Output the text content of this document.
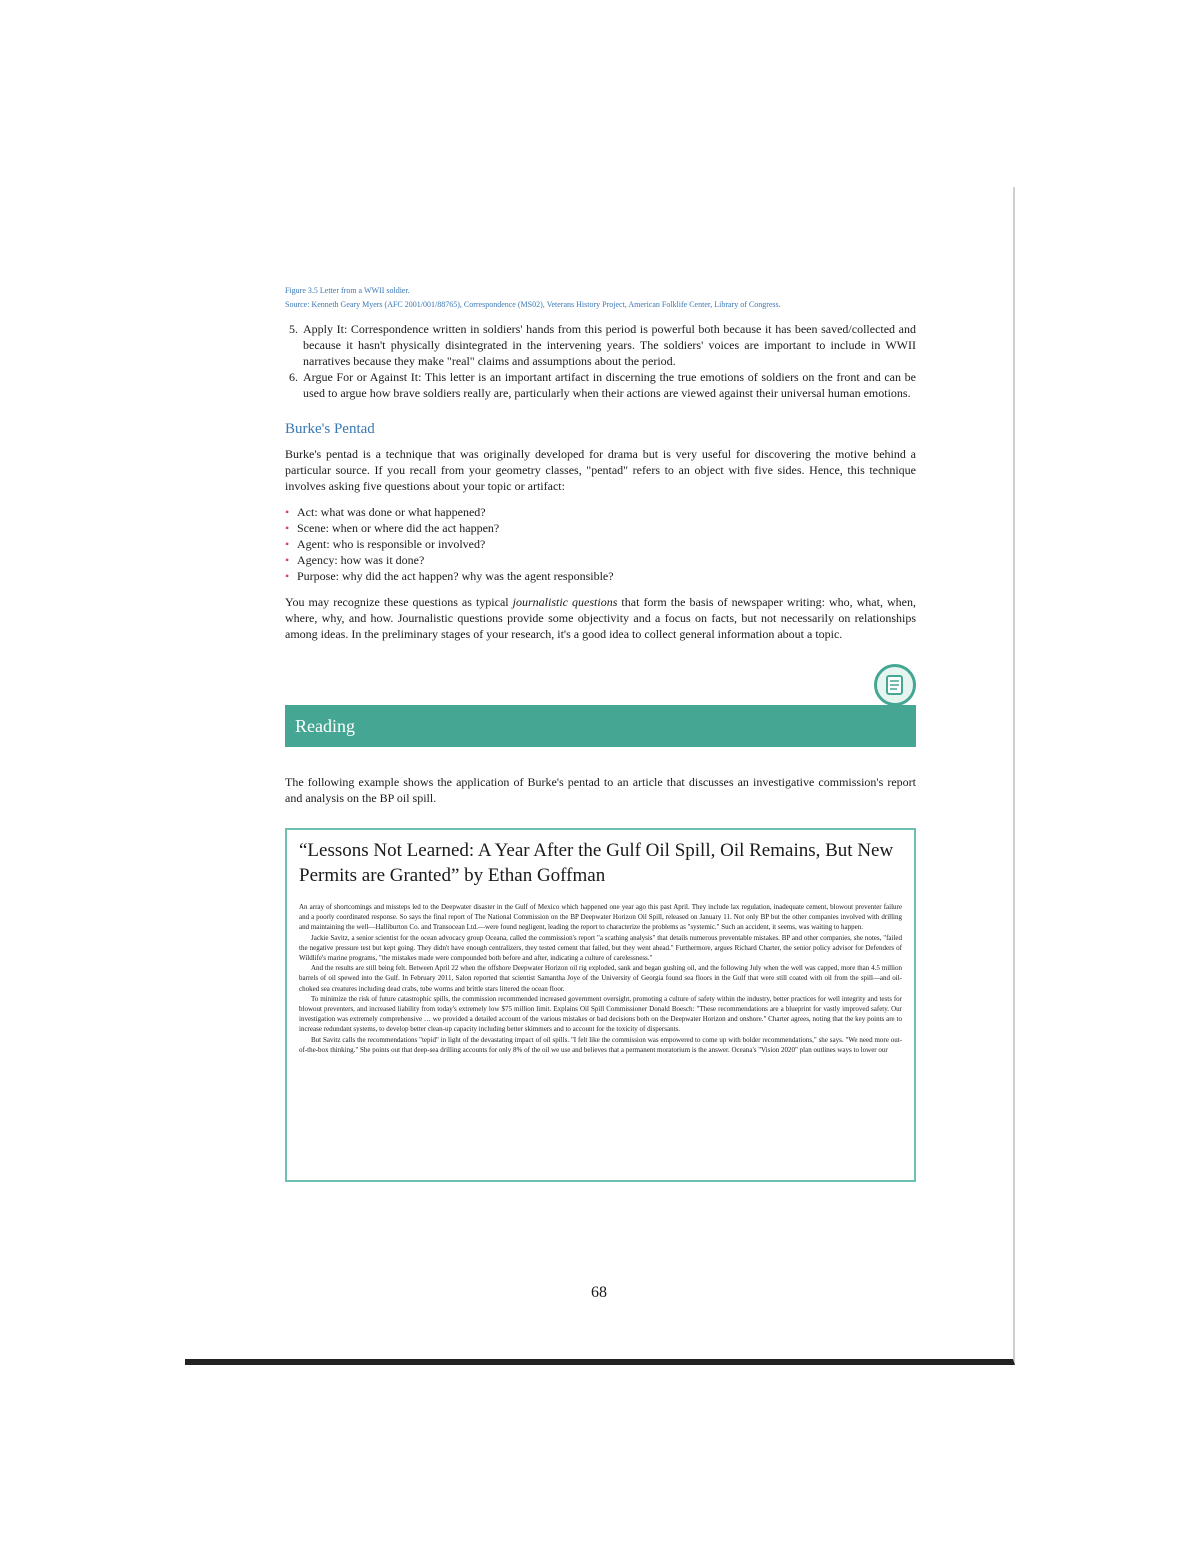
Figure 3.5 Letter from a WWII soldier.
Source: Kenneth Geary Myers (AFC 2001/001/88765), Correspondence (MS02), Veterans History Project, American Folklife Center, Library of Congress.
5. Apply It: Correspondence written in soldiers' hands from this period is powerful both because it has been saved/collected and because it hasn't physically disintegrated in the intervening years. The soldiers' voices are important to include in WWII narratives because they make "real" claims and assumptions about the period.
6. Argue For or Against It: This letter is an important artifact in discerning the true emotions of soldiers on the front and can be used to argue how brave soldiers really are, particularly when their actions are viewed against their universal human emotions.
Burke's Pentad

Burke's pentad is a technique that was originally developed for drama but is very useful for discovering the motive behind a particular source. If you recall from your geometry classes, "pentad" refers to an object with five sides. Hence, this technique involves asking five questions about your topic or artifact:

• Act: what was done or what happened?
• Scene: when or where did the act happen?
• Agent: who is responsible or involved?
• Agency: how was it done?
• Purpose: why did the act happen? why was the agent responsible?

You may recognize these questions as typical journalistic questions that form the basis of newspaper writing: who, what, when, where, why, and how. Journalistic questions provide some objectivity and a focus on facts, but not necessarily on relationships among ideas. In the preliminary stages of your research, it's a good idea to collect general information about a topic.

Reading

The following example shows the application of Burke's pentad to an article that discusses an investigative commission's report and analysis on the BP oil spill.

“Lessons Not Learned: A Year After the Gulf Oil Spill, Oil Remains, But New Permits are Granted” by Ethan Goffman

An array of shortcomings and missteps led to the Deepwater disaster in the Gulf of Mexico which happened one year ago this past April. They include lax regulation, inadequate cement, blowout preventer failure and a poorly coordinated response. So says the final report of The National Commission on the BP Deepwater Horizon Oil Spill, released on January 11. Not only BP but the other companies involved with drilling and maintaining the well—Halliburton Co. and Transocean Ltd.—were found negligent, leading the report to characterize the problems as "systemic." Such an accident, it seems, was waiting to happen.

Jackie Savitz, a senior scientist for the ocean advocacy group Oceana, called the commission's report "a scathing analysis" that details numerous preventable mistakes. BP and other companies, she notes, "failed the negative pressure test but kept going. They didn't have enough centralizers, they tested cement that failed, but they went ahead." Furthermore, argues Richard Charter, the senior policy advisor for Defenders of Wildlife's marine programs, "the mistakes made were compounded both before and after, indicating a culture of carelessness."

And the results are still being felt. Between April 22 when the offshore Deepwater Horizon oil rig exploded, sank and began gushing oil, and the following July when the well was capped, more than 4.5 million barrels of oil spewed into the Gulf. In February 2011, Salon reported that scientist Samantha Joye of the University of Georgia found sea floors in the Gulf that were still coated with oil from the spill—and oil-choked sea creatures including dead crabs, tube worms and brittle stars littered the ocean floor.

To minimize the risk of future catastrophic spills, the commission recommended increased government oversight, promoting a culture of safety within the industry, better practices for well integrity and tests for blowout preventers, and increased liability from today's extremely low $75 million limit. Explains Oil Spill Commissioner Donald Boesch: "These recommendations are a blueprint for vastly improved safety. Our investigation was extremely comprehensive … we provided a detailed account of the various mistakes or bad decisions both on the Deepwater Horizon and onshore." Charter agrees, noting that the key points are to increase redundant systems, to develop better clean-up capacity including better skimmers and to account for the toxicity of dispersants.

But Savitz calls the recommendations "tepid" in light of the devastating impact of oil spills. "I felt like the commission was empowered to come up with bolder recommendations," she says. "We need more out-of-the-box thinking." She points out that deep-sea drilling accounts for only 8% of the oil we use and believes that a permanent moratorium is the answer. Oceana's "Vision 2020" plan outlines ways to lower our

68
